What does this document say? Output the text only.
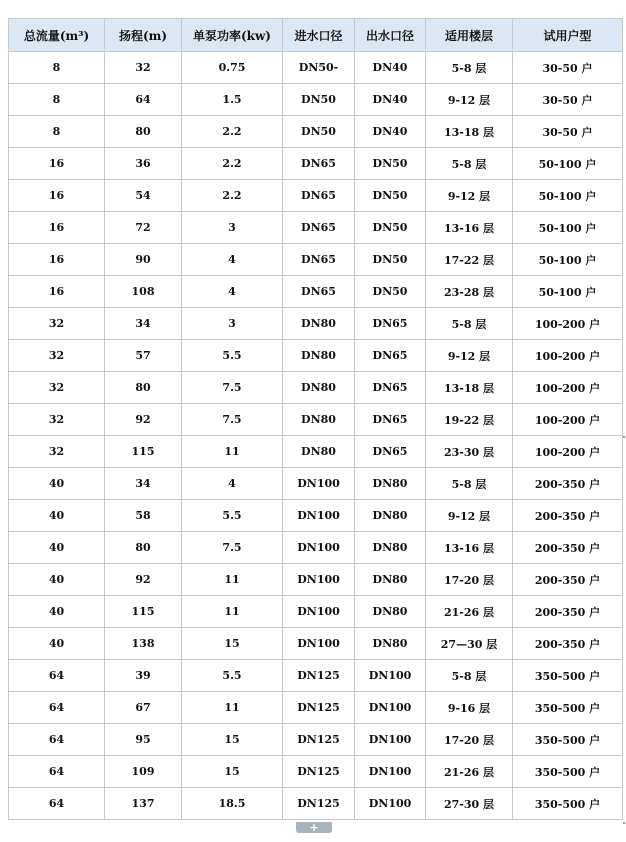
总流量(m³)	扬程(m)	单泵功率(kw)	进水口径	出水口径	适用楼层	试用户型
8	32	0.75	DN50-	DN40	5-8 层	30-50 户
8	64	1.5	DN50	DN40	9-12 层	30-50 户
8	80	2.2	DN50	DN40	13-18 层	30-50 户
16	36	2.2	DN65	DN50	5-8 层	50-100 户
16	54	2.2	DN65	DN50	9-12 层	50-100 户
16	72	3	DN65	DN50	13-16 层	50-100 户
16	90	4	DN65	DN50	17-22 层	50-100 户
16	108	4	DN65	DN50	23-28 层	50-100 户
32	34	3	DN80	DN65	5-8 层	100-200 户
32	57	5.5	DN80	DN65	9-12 层	100-200 户
32	80	7.5	DN80	DN65	13-18 层	100-200 户
32	92	7.5	DN80	DN65	19-22 层	100-200 户
32	115	11	DN80	DN65	23-30 层	100-200 户
40	34	4	DN100	DN80	5-8 层	200-350 户
40	58	5.5	DN100	DN80	9-12 层	200-350 户
40	80	7.5	DN100	DN80	13-16 层	200-350 户
40	92	11	DN100	DN80	17-20 层	200-350 户
40	115	11	DN100	DN80	21-26 层	200-350 户
40	138	15	DN100	DN80	27—30 层	200-350 户
64	39	5.5	DN125	DN100	5-8 层	350-500 户
64	67	11	DN125	DN100	9-16 层	350-500 户
64	95	15	DN125	DN100	17-20 层	350-500 户
64	109	15	DN125	DN100	21-26 层	350-500 户
64	137	18.5	DN125	DN100	27-30 层	350-500 户
+
